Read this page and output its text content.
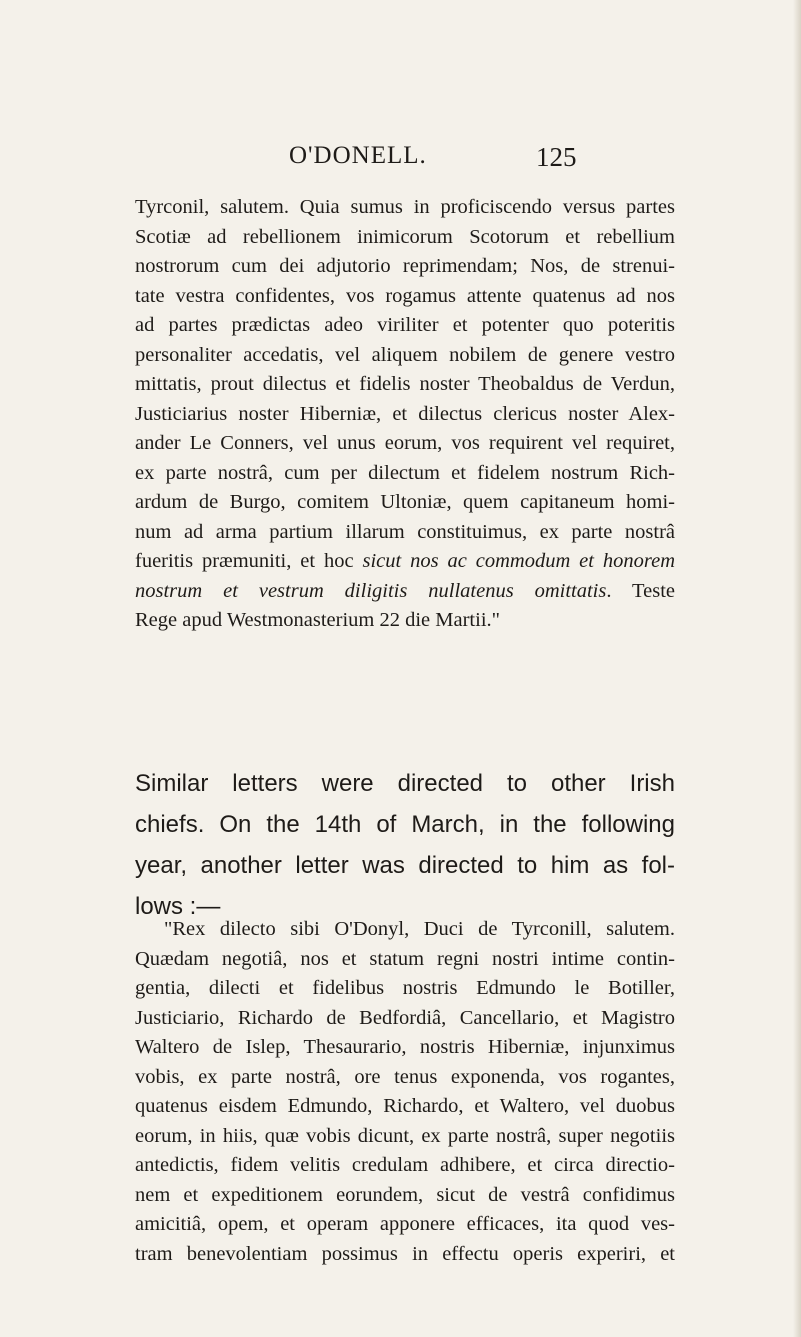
O'DONELL.	125
Tyrconil, salutem. Quia sumus in proficiscendo versus partes
Scotiæ ad rebellionem inimicorum Scotorum et rebellium
nostrorum cum dei adjutorio reprimendam; Nos, de strenui-
tate vestra confidentes, vos rogamus attente quatenus ad nos
ad partes prædictas adeo viriliter et potenter quo poteritis
personaliter accedatis, vel aliquem nobilem de genere vestro
mittatis, prout dilectus et fidelis noster Theobaldus de Verdun,
Justiciarius noster Hiberniæ, et dilectus clericus noster Alex-
ander Le Conners, vel unus eorum, vos requirent vel requiret,
ex parte nostrâ, cum per dilectum et fidelem nostrum Rich-
ardum de Burgo, comitem Ultoniæ, quem capitaneum homi-
num ad arma partium illarum constituimus, ex parte nostrâ
fueritis præmuniti, et hoc sicut nos ac commodum et honorem
nostrum et vestrum diligitis nullatenus omittatis. Teste
Rege apud Westmonasterium 22 die Martii."
Similar letters were directed to other Irish
chiefs. On the 14th of March, in the following
year, another letter was directed to him as fol-
lows :—
"Rex dilecto sibi O'Donyl, Duci de Tyrconill, salutem.
Quædam negotiâ, nos et statum regni nostri intime contin-
gentia, dilecti et fidelibus nostris Edmundo le Botiller,
Justiciario, Richardo de Bedfordiâ, Cancellario, et Magistro
Waltero de Islep, Thesaurario, nostris Hiberniæ, injunximus
vobis, ex parte nostrâ, ore tenus exponenda, vos rogantes,
quatenus eisdem Edmundo, Richardo, et Waltero, vel duobus
eorum, in hiis, quæ vobis dicunt, ex parte nostrâ, super negotiis
antedictis, fidem velitis credulam adhibere, et circa directio-
nem et expeditionem eorundem, sicut de vestrâ confidimus
amicitiâ, opem, et operam apponere efficaces, ita quod ves-
tram benevolentiam possimus in effectu operis experiri, et
